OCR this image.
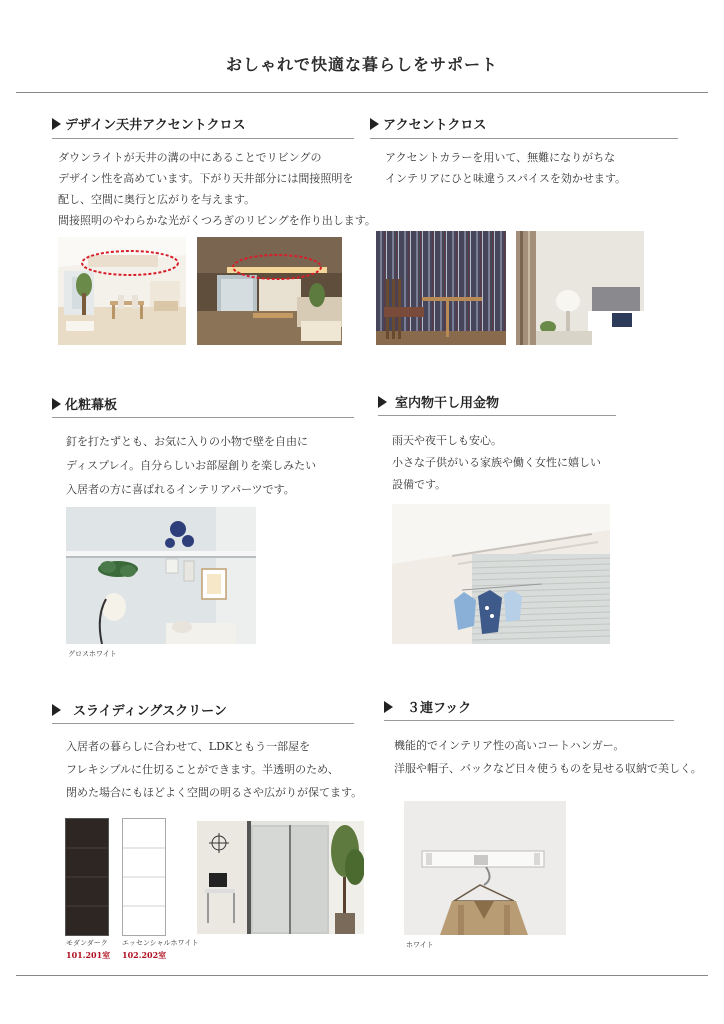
おしゃれで快適な暮らしをサポート
デザイン天井アクセントクロス
ダウンライトが天井の溝の中にあることでリビングの
デザイン性を高めています。下がり天井部分には間接照明を
配し、空間に奥行と広がりを与えます。
間接照明のやわらかな光がくつろぎのリビングを作り出します。
アクセントクロス
アクセントカラーを用いて、無難になりがちな
インテリアにひと味違うスパイスを効かせます。
化粧幕板
釘を打たずとも、お気に入りの小物で壁を自由に
ディスプレイ。自分らしいお部屋創りを楽しみたい
入居者の方に喜ばれるインテリアパーツです。
グロスホワイト
室内物干し用金物
雨天や夜干しも安心。
小さな子供がいる家族や働く女性に嬉しい
設備です。
スライディングスクリーン
入居者の暮らしに合わせて、LDKともう一部屋を
フレキシブルに仕切ることができます。半透明のため、
閉めた場合にもほどよく空間の明るさや広がりが保てます。
モダンダーク
101.201室
エッセンシャルホワイト
102.202室
３連フック
機能的でインテリア性の高いコートハンガー。
洋服や帽子、バックなど日々使うものを見せる収納で美しく。
ホワイト
